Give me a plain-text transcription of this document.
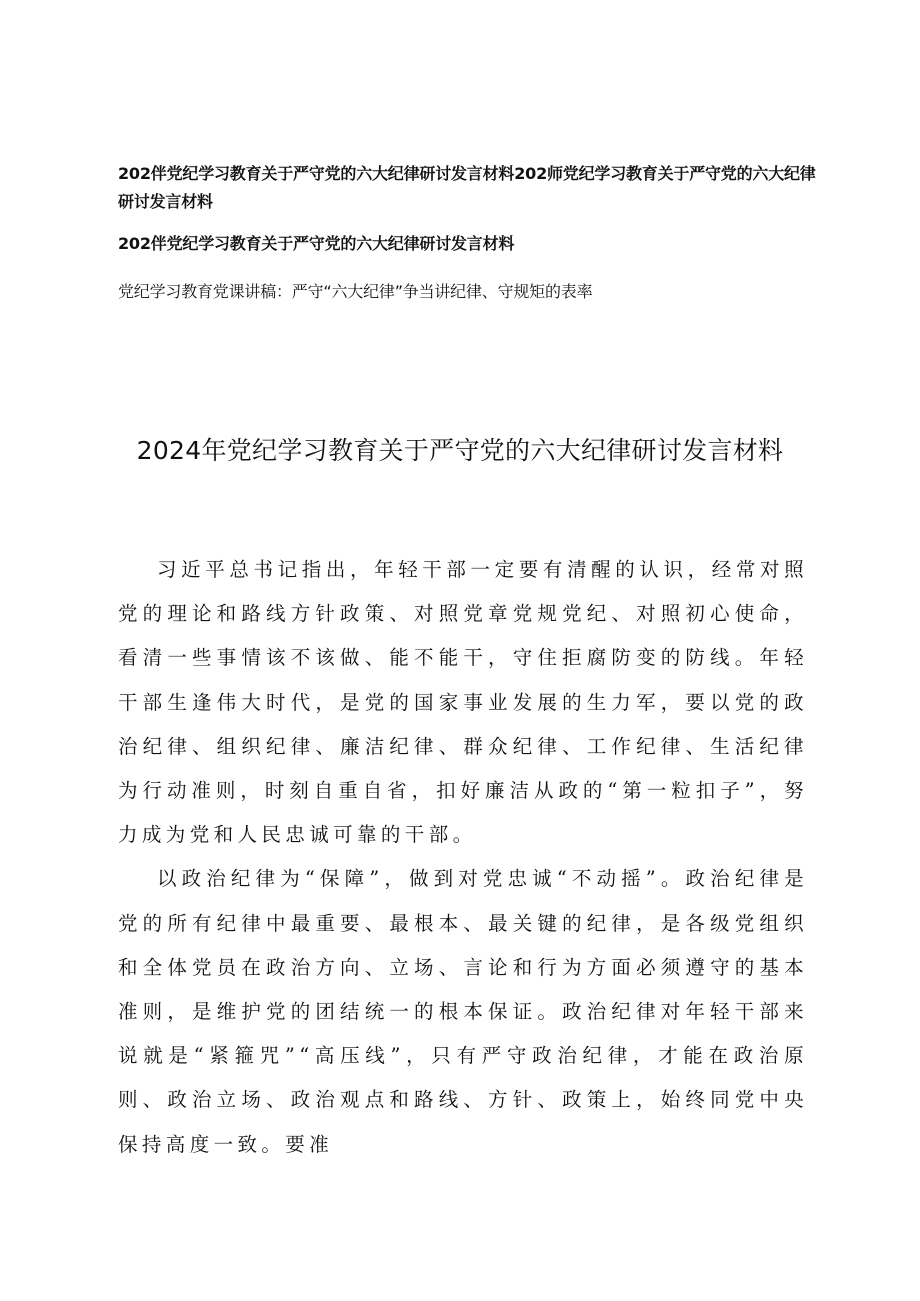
202伴党纪学习教育关于严守党的六大纪律研讨发言材料202师党纪学习教育关于严守党的六大纪律研讨发言材料

202伴党纪学习教育关于严守党的六大纪律研讨发言材料

党纪学习教育党课讲稿：严守“六大纪律”争当讲纪律、守规矩的表率

2024年党纪学习教育关于严守党的六大纪律研讨发言材料

习近平总书记指出，年轻干部一定要有清醒的认识，经常对照党的理论和路线方针政策、对照党章党规党纪、对照初心使命，看清一些事情该不该做、能不能干，守住拒腐防变的防线。年轻干部生逢伟大时代，是党的国家事业发展的生力军，要以党的政治纪律、组织纪律、廉洁纪律、群众纪律、工作纪律、生活纪律为行动准则，时刻自重自省，扣好廉洁从政的“第一粒扣子”，努力成为党和人民忠诚可靠的干部。

以政治纪律为“保障”，做到对党忠诚“不动摇”。政治纪律是党的所有纪律中最重要、最根本、最关键的纪律，是各级党组织和全体党员在政治方向、立场、言论和行为方面必须遵守的基本准则，是维护党的团结统一的根本保证。政治纪律对年轻干部来说就是“紧箍咒”“高压线”，只有严守政治纪律，才能在政治原则、政治立场、政治观点和路线、方针、政策上，始终同党中央保持高度一致。要准
